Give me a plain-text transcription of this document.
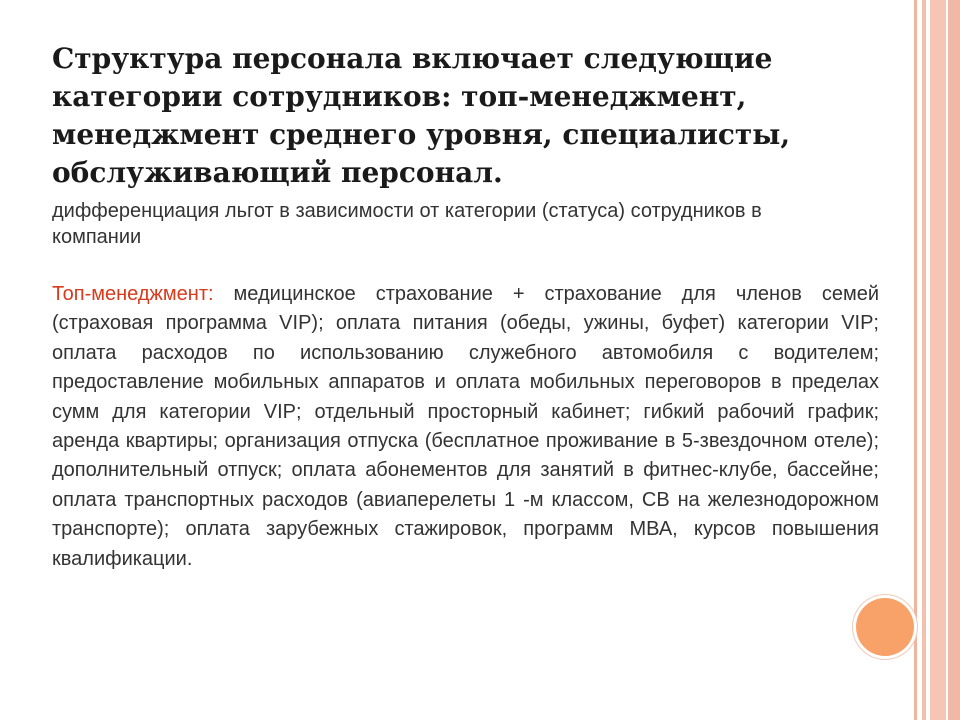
Структура персонала включает следующие категории сотрудников: топ-менеджмент, менеджмент среднего уровня, специалисты, обслуживающий персонал.

дифференциация льгот в зависимости от категории (статуса) сотрудников в компании

Топ-менеджмент: медицинское страхование + страхование для членов семей (страховая программа VIP); оплата питания (обеды, ужины, буфет) категории VIP; оплата расходов по использованию служебного автомобиля с водителем; предоставление мобильных аппаратов и оплата мобильных переговоров в пределах сумм для категории VIP; отдельный просторный кабинет; гибкий рабочий график; аренда квартиры; организация отпуска (бесплатное проживание в 5-звездочном отеле); дополнительный отпуск; оплата абонементов для занятий в фитнес-клубе, бассейне; оплата транспортных расходов (авиаперелеты 1 -м классом, СВ на железнодорожном транспорте); оплата зарубежных стажировок, программ МВА, курсов повышения квалификации.
